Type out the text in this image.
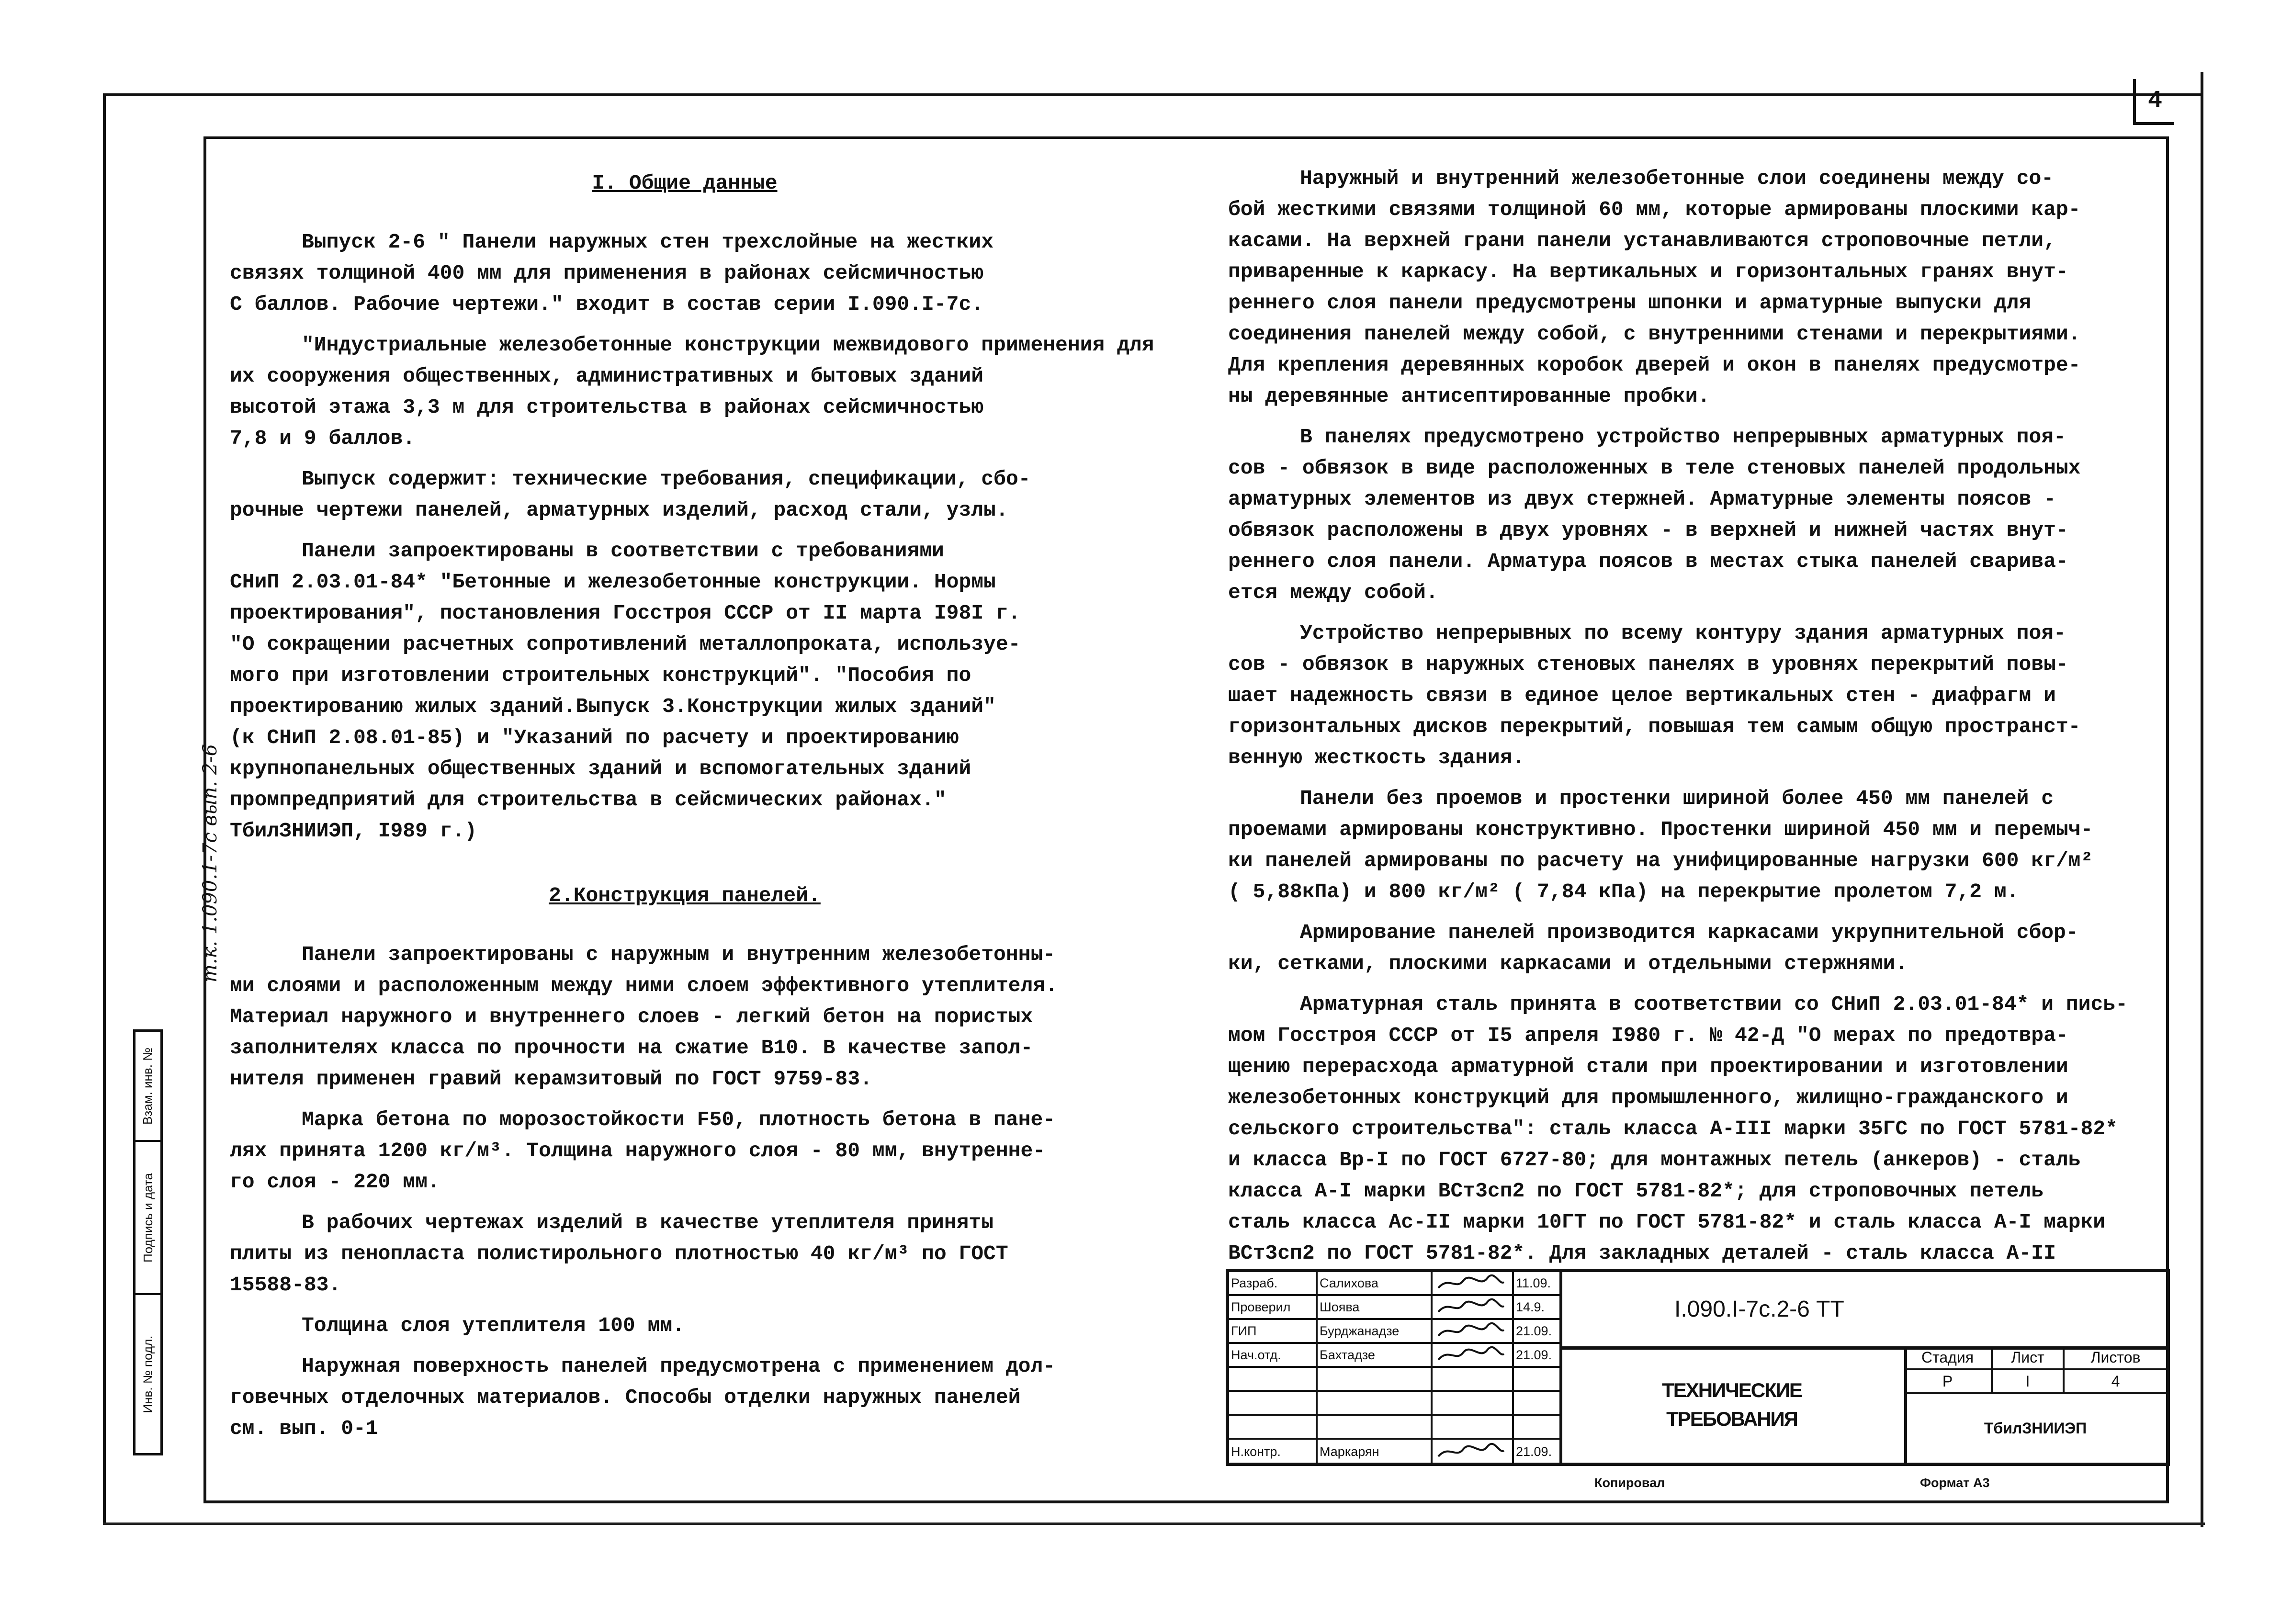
4
I. Общие данные
Выпуск 2-6 " Панели наружных стен трехслойные на жестких
связях толщиной 400 мм для применения в районах сейсмичностью
С баллов. Рабочие чертежи." входит в состав серии I.090.I-7с.
"Индустриальные железобетонные конструкции межвидового применения для
их сооружения общественных, административных и бытовых зданий
высотой этажа 3,3 м для строительства в районах сейсмичностью
7,8 и 9 баллов.
Выпуск содержит: технические требования, спецификации, сбо-
рочные чертежи панелей, арматурных изделий, расход стали, узлы.
Панели запроектированы в соответствии с требованиями
СНиП 2.03.01-84* "Бетонные и железобетонные конструкции. Нормы
проектирования", постановления Госстроя СССР от II марта I98I г.
"О сокращении расчетных сопротивлений металлопроката, используе-
мого при изготовлении строительных конструкций". "Пособия по
проектированию жилых зданий.Выпуск 3.Конструкции жилых зданий"
(к СНиП 2.08.01-85) и "Указаний по расчету и проектированию
крупнопанельных общественных зданий и вспомогательных зданий
промпредприятий для строительства в сейсмических районах."
ТбилЗНИИЭП, I989 г.)
2.Конструкция панелей.
Панели запроектированы с наружным и внутренним железобетонны-
ми слоями и расположенным между ними слоем эффективного утеплителя.
Материал наружного и внутреннего слоев - легкий бетон на пористых
заполнителях класса по прочности на сжатие В10. В качестве запол-
нителя применен гравий керамзитовый по ГОСТ 9759-83.
Марка бетона по морозостойкости F50, плотность бетона в пане-
лях принята 1200 кг/м³. Толщина наружного слоя - 80 мм, внутренне-
го слоя - 220 мм.
В рабочих чертежах изделий в качестве утеплителя приняты
плиты из пенопласта полистирольного плотностью 40 кг/м³ по ГОСТ
15588-83.
Толщина слоя утеплителя 100 мм.
Наружная поверхность панелей предусмотрена с применением дол-
говечных отделочных материалов. Способы отделки наружных панелей
см. вып. 0-1
Наружный и внутренний железобетонные слои соединены между со-
бой жесткими связями толщиной 60 мм, которые армированы плоскими кар-
касами. На верхней грани панели устанавливаются строповочные петли,
приваренные к каркасу. На вертикальных и горизонтальных гранях внут-
реннего слоя панели предусмотрены шпонки и арматурные выпуски для
соединения панелей между собой, с внутренними стенами и перекрытиями.
Для крепления деревянных коробок дверей и окон в панелях предусмотре-
ны деревянные антисептированные пробки.
В панелях предусмотрено устройство непрерывных арматурных поя-
сов - обвязок в виде расположенных в теле стеновых панелей продольных
арматурных элементов из двух стержней. Арматурные элементы поясов -
обвязок расположены в двух уровнях - в верхней и нижней частях внут-
реннего слоя панели. Арматура поясов в местах стыка панелей сварива-
ется между собой.
Устройство непрерывных по всему контуру здания арматурных поя-
сов - обвязок в наружных стеновых панелях в уровнях перекрытий повы-
шает надежность связи в единое целое вертикальных стен - диафрагм и
горизонтальных дисков перекрытий, повышая тем самым общую пространст-
венную жесткость здания.
Панели без проемов и простенки шириной более 450 мм панелей с
проемами армированы конструктивно. Простенки шириной 450 мм и перемыч-
ки панелей армированы по расчету на унифицированные нагрузки 600 кг/м²
( 5,88кПа) и 800 кг/м² ( 7,84 кПа) на перекрытие пролетом 7,2 м.
Армирование панелей производится каркасами укрупнительной сбор-
ки, сетками, плоскими каркасами и отдельными стержнями.
Арматурная сталь принята в соответствии со СНиП 2.03.01-84* и пись-
мом Госстроя СССР от I5 апреля I980 г. № 42-Д "О мерах по предотвра-
щению перерасхода арматурной стали при проектировании и изготовлении
железобетонных конструкций для промышленного, жилищно-гражданского и
сельского строительства": сталь класса А-III марки 35ГС по ГОСТ 5781-82*
и класса Вр-I по ГОСТ 6727-80; для монтажных петель (анкеров) - сталь
класса А-I марки ВСт3сп2 по ГОСТ 5781-82*; для строповочных петель
сталь класса Ас-II марки 10ГТ по ГОСТ 5781-82* и сталь класса А-I марки
ВСт3сп2 по ГОСТ 5781-82*. Для закладных деталей - сталь класса А-II
Взам. инв. №
Подпись и дата
Инв. № подл.
т.к. 1.090.1-7с вып. 2-6
Разраб.	Салихова	11.09.
Проверил	Шоява	14.9.
ГИП	Бурджанадзе	21.09.
Нач.отд.	Бахтадзе	21.09.
Н.контр.	Маркарян	21.09.
I.090.I-7с.2-6 ТТ
ТЕХНИЧЕСКИЕ
ТРЕБОВАНИЯ
Стадия	Лист	Листов
Р	I	4
ТбилЗНИИЭП
Копировал	Формат А3
